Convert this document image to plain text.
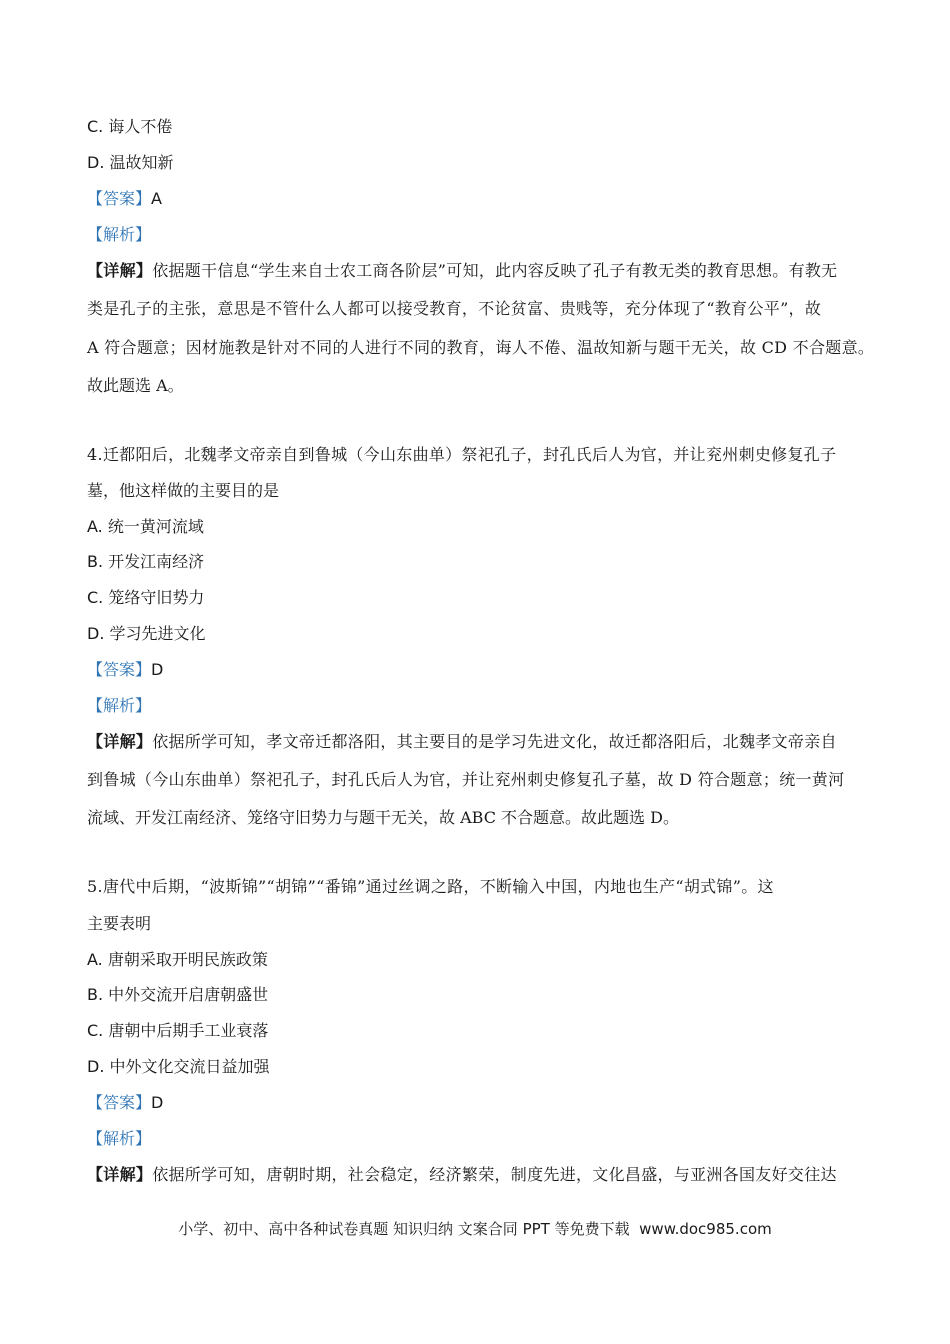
C. 诲人不倦
D. 温故知新
【答案】A
【解析】
【详解】依据题干信息“学生来自士农工商各阶层”可知，此内容反映了孔子有教无类的教育思想。有教无
类是孔子的主张，意思是不管什么人都可以接受教育，不论贫富、贵贱等，充分体现了“教育公平”，故
A 符合题意；因材施教是针对不同的人进行不同的教育，诲人不倦、温故知新与题干无关，故 CD 不合题意。
故此题选 A。
4.迁都阳后，北魏孝文帝亲自到鲁城（今山东曲单）祭祀孔子，封孔氏后人为官，并让兖州刺史修复孔子
墓，他这样做的主要目的是
A. 统一黄河流域
B. 开发江南经济
C. 笼络守旧势力
D. 学习先进文化
【答案】D
【解析】
【详解】依据所学可知，孝文帝迁都洛阳，其主要目的是学习先进文化，故迁都洛阳后，北魏孝文帝亲自
到鲁城（今山东曲单）祭祀孔子，封孔氏后人为官，并让兖州刺史修复孔子墓，故 D 符合题意；统一黄河
流域、开发江南经济、笼络守旧势力与题干无关，故 ABC 不合题意。故此题选 D。
5.唐代中后期，“波斯锦”“胡锦”“番锦”通过丝调之路，不断输入中国，内地也生产“胡式锦”。这
主要表明
A. 唐朝采取开明民族政策
B. 中外交流开启唐朝盛世
C. 唐朝中后期手工业衰落
D. 中外文化交流日益加强
【答案】D
【解析】
【详解】依据所学可知，唐朝时期，社会稳定，经济繁荣，制度先进，文化昌盛，与亚洲各国友好交往达
小学、初中、高中各种试卷真题 知识归纳 文案合同 PPT 等免费下载 www.doc985.com
